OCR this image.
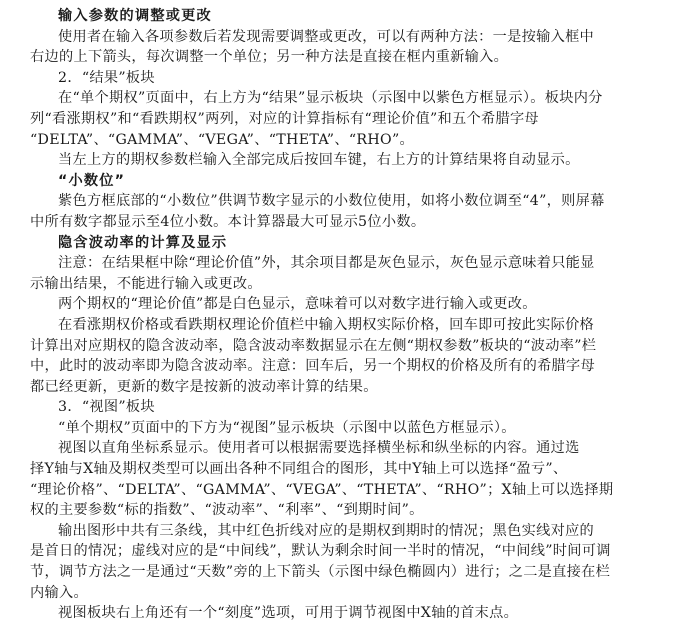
输入参数的调整或更改
使用者在输入各项参数后若发现需要调整或更改，可以有两种方法：一是按输入框中
右边的上下箭头，每次调整一个单位；另一种方法是直接在框内重新输入。
2．“结果”板块
在“单个期权”页面中，右上方为“结果”显示板块（示图中以紫色方框显示）。板块内分
列“看涨期权”和“看跌期权”两列，对应的计算指标有“理论价值”和五个希腊字母
“DELTA”、“GAMMA”、“VEGA”、“THETA”、“RHO”。
当左上方的期权参数栏输入全部完成后按回车键，右上方的计算结果将自动显示。
“小数位”
紫色方框底部的“小数位”供调节数字显示的小数位使用，如将小数位调至“4”，则屏幕
中所有数字都显示至4位小数。本计算器最大可显示5位小数。
隐含波动率的计算及显示
注意：在结果框中除“理论价值”外，其余项目都是灰色显示，灰色显示意味着只能显
示输出结果，不能进行输入或更改。
两个期权的“理论价值”都是白色显示，意味着可以对数字进行输入或更改。
在看涨期权价格或看跌期权理论价值栏中输入期权实际价格，回车即可按此实际价格
计算出对应期权的隐含波动率，隐含波动率数据显示在左侧“期权参数”板块的“波动率”栏
中，此时的波动率即为隐含波动率。注意：回车后，另一个期权的价格及所有的希腊字母
都已经更新，更新的数字是按新的波动率计算的结果。
3．“视图”板块
“单个期权”页面中的下方为“视图”显示板块（示图中以蓝色方框显示）。
视图以直角坐标系显示。使用者可以根据需要选择横坐标和纵坐标的内容。通过选
择Y轴与X轴及期权类型可以画出各种不同组合的图形，其中Y轴上可以选择“盈亏”、
“理论价格”、“DELTA”、“GAMMA”、“VEGA”、“THETA”、“RHO”；X轴上可以选择期
权的主要参数“标的指数”、“波动率”、“利率”、“到期时间”。
输出图形中共有三条线，其中红色折线对应的是期权到期时的情况；黑色实线对应的
是首日的情况；虚线对应的是“中间线”，默认为剩余时间一半时的情况，“中间线”时间可调
节，调节方法之一是通过“天数”旁的上下箭头（示图中绿色椭圆内）进行；之二是直接在栏
内输入。
视图板块右上角还有一个“刻度”选项，可用于调节视图中X轴的首末点。
